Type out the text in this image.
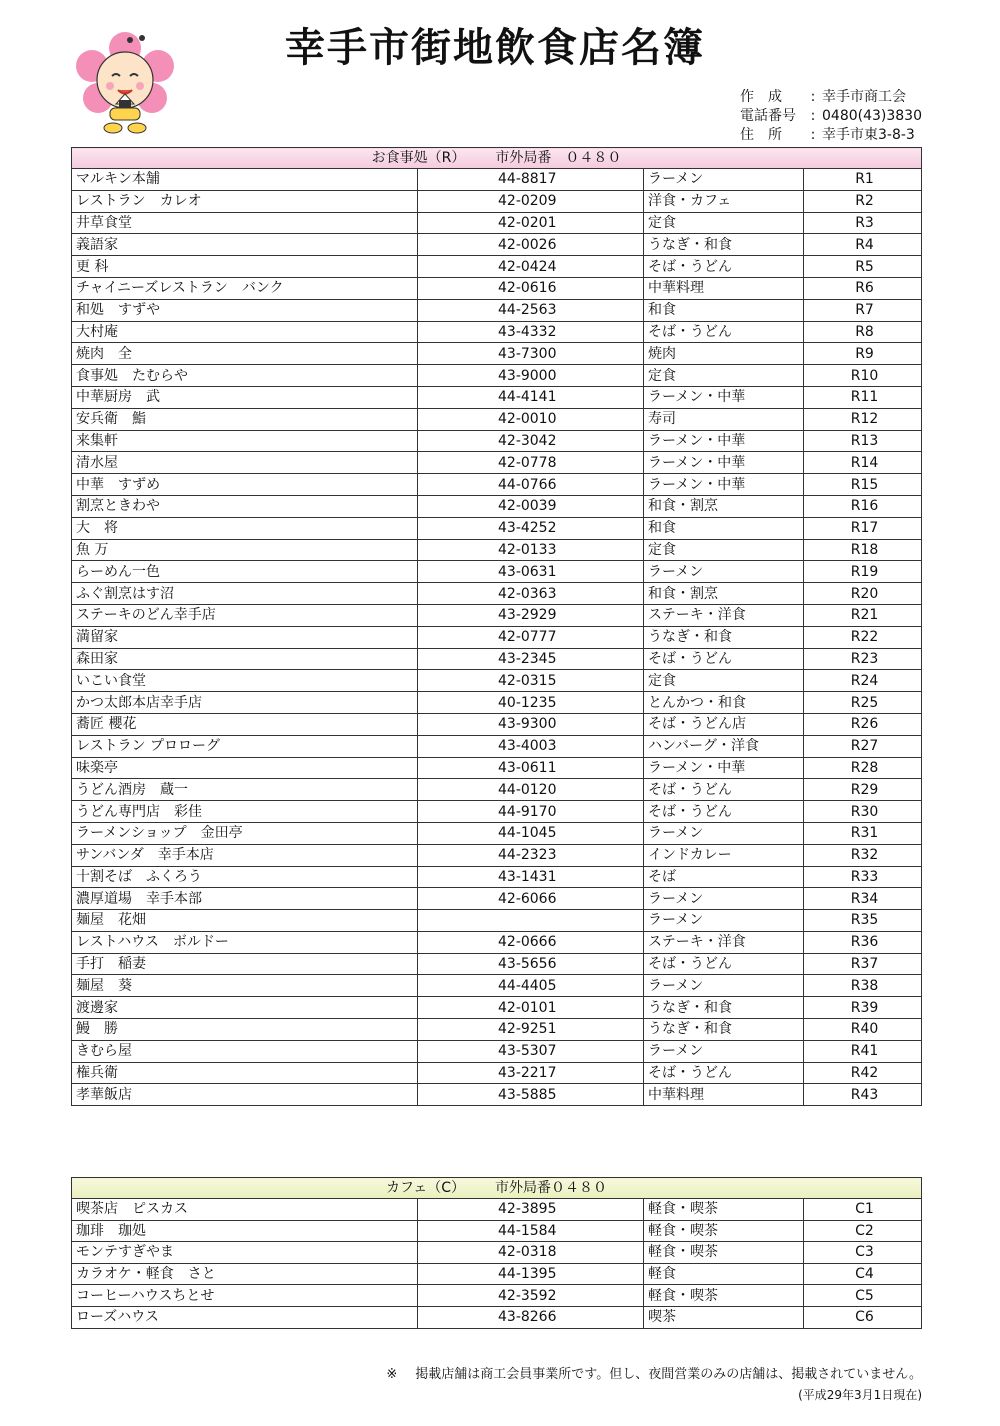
幸手市街地飲食店名簿
作　成	: 幸手市商工会
電話番号	: 0480(43)3830
住　所	: 幸手市東3-8-3
お食事処（R） 市外局番　０４８０			
マルキン本舗	44-8817	ラーメン	R1
レストラン　カレオ	42-0209	洋食・カフェ	R2
井草食堂	42-0201	定食	R3
義語家	42-0026	うなぎ・和食	R4
更 科	42-0424	そば・うどん	R5
チャイニーズレストラン　バンク	42-0616	中華料理	R6
和処　すずや	44-2563	和食	R7
大村庵	43-4332	そば・うどん	R8
焼肉　全	43-7300	焼肉	R9
食事処　たむらや	43-9000	定食	R10
中華厨房　武	44-4141	ラーメン・中華	R11
安兵衛　鮨	42-0010	寿司	R12
来集軒	42-3042	ラーメン・中華	R13
清水屋	42-0778	ラーメン・中華	R14
中華　すずめ	44-0766	ラーメン・中華	R15
割烹ときわや	42-0039	和食・割烹	R16
大　将	43-4252	和食	R17
魚 万	42-0133	定食	R18
らーめん一色	43-0631	ラーメン	R19
ふぐ割烹はす沼	42-0363	和食・割烹	R20
ステーキのどん幸手店	43-2929	ステーキ・洋食	R21
満留家	42-0777	うなぎ・和食	R22
森田家	43-2345	そば・うどん	R23
いこい食堂	42-0315	定食	R24
かつ太郎本店幸手店	40-1235	とんかつ・和食	R25
蕎匠 櫻花	43-9300	そば・うどん店	R26
レストラン プロローグ	43-4003	ハンバーグ・洋食	R27
味楽亭	43-0611	ラーメン・中華	R28
うどん酒房　蔵一	44-0120	そば・うどん	R29
うどん専門店　彩佳	44-9170	そば・うどん	R30
ラーメンショップ　金田亭	44-1045	ラーメン	R31
サンバンダ　幸手本店	44-2323	インドカレー	R32
十割そば　ふくろう	43-1431	そば	R33
濃厚道場　幸手本部	42-6066	ラーメン	R34
麺屋　花畑		ラーメン	R35
レストハウス　ボルドー	42-0666	ステーキ・洋食	R36
手打　稲妻	43-5656	そば・うどん	R37
麺屋　葵	44-4405	ラーメン	R38
渡邊家	42-0101	うなぎ・和食	R39
鰻　勝	42-9251	うなぎ・和食	R40
きむら屋	43-5307	ラーメン	R41
権兵衛	43-2217	そば・うどん	R42
孝華飯店	43-5885	中華料理	R43
カフェ（C） 市外局番０４８０			
喫茶店　ピスカス	42-3895	軽食・喫茶	C1
珈琲　珈処	44-1584	軽食・喫茶	C2
モンテすぎやま	42-0318	軽食・喫茶	C3
カラオケ・軽食　さと	44-1395	軽食	C4
コーヒーハウスちとせ	42-3592	軽食・喫茶	C5
ローズハウス	43-8266	喫茶	C6
※ 掲載店舗は商工会員事業所です。但し、夜間営業のみの店舗は、掲載されていません。
(平成29年3月1日現在)
